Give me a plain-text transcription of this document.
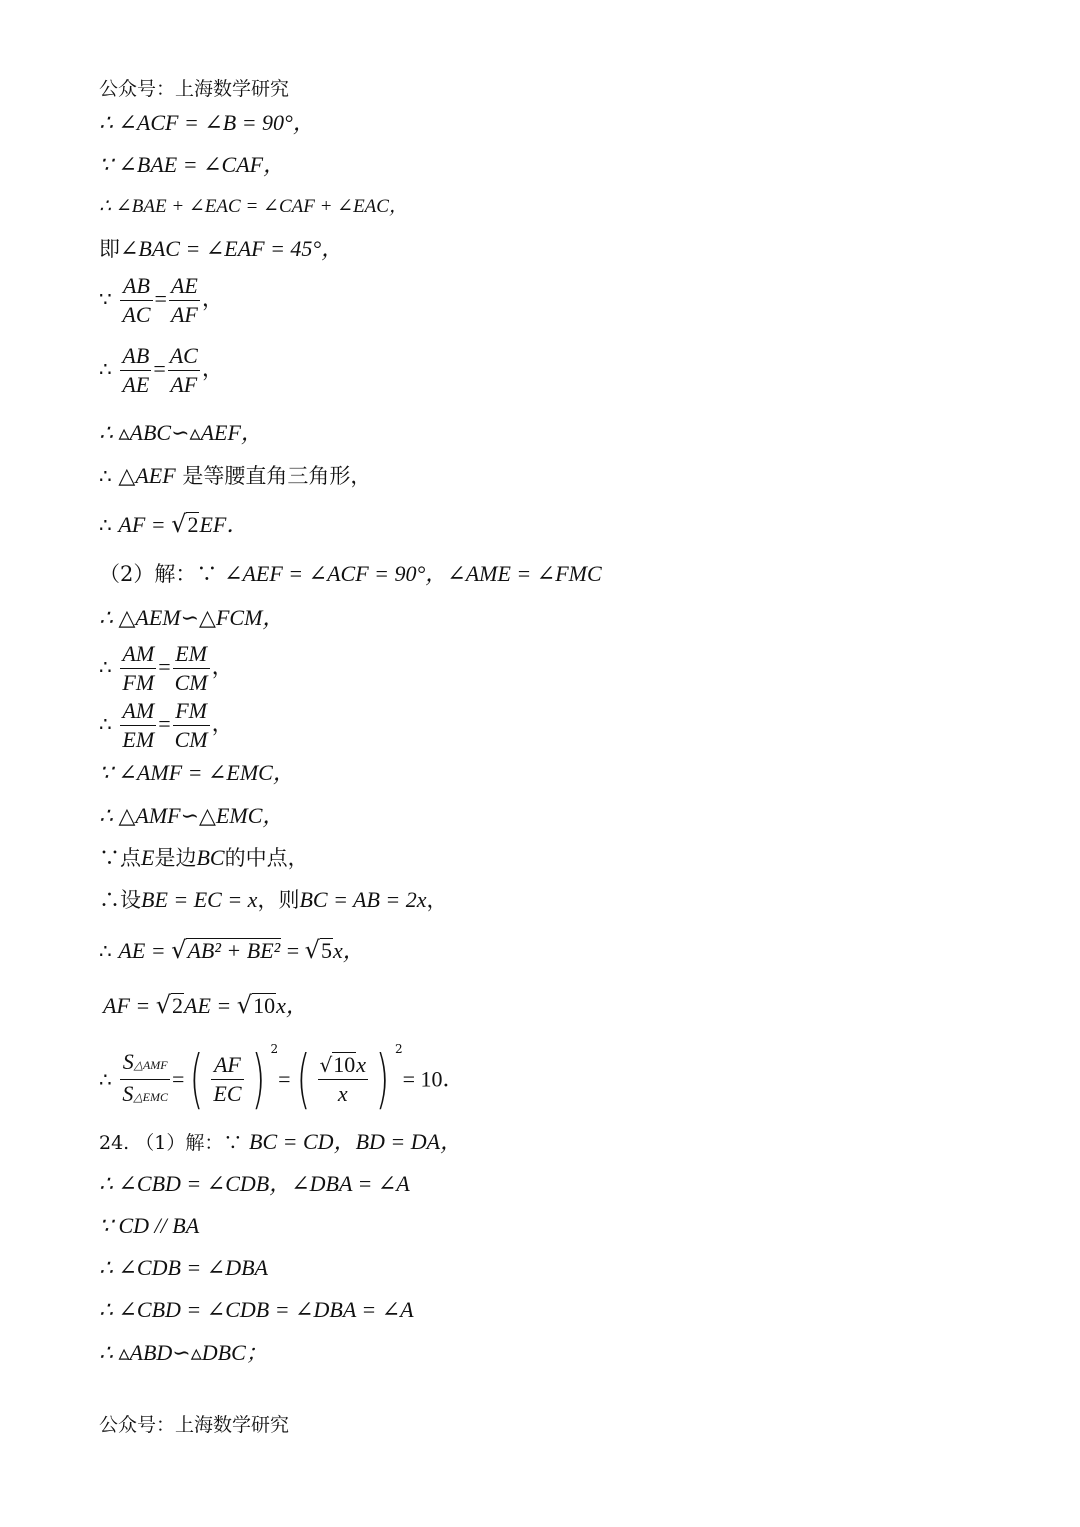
公众号：上海数学研究
∴ ∠ACF = ∠B = 90°，
∵ ∠BAE = ∠CAF，
∴ ∠BAE + ∠EAC = ∠CAF + ∠EAC，
即∠BAC = ∠EAF = 45°，
∵ $\frac{AB}{AC} = \frac{AE}{AF}$ ，
∴ $\frac{AB}{AE} = \frac{AC}{AF}$ ，
∴ ▵ABC∽▵AEF，
∴ △AEF 是等腰直角三角形，
∴ AF = √2EF．
（2）解：∵ ∠AEF = ∠ACF = 90°，∠AME = ∠FMC
∴ △AEM∽△FCM，
∴ $\frac{AM}{FM} = \frac{EM}{CM}$ ，
∴ $\frac{AM}{EM} = \frac{FM}{CM}$ ，
∵ ∠AMF = ∠EMC，
∴ △AMF∽△EMC，
∵点E是边BC的中点，
∴设BE = EC = x，则BC = AB = 2x，
∴ AE = √AB² + BE² = √5x，
AF = √2AE = √10x，
∴ $\frac{\text{S△AMF}}{\text{S△EMC}}$ =( $\frac{AF}{EC}$ ) $^2=( \frac{√10x}{x}$ ) $^2$= 10．
24. （1）解：∵ BC = CD，BD = DA，
∴ ∠CBD = ∠CDB，∠DBA = ∠A
∵ CD // BA
∴ ∠CDB = ∠DBA
∴ ∠CBD = ∠CDB = ∠DBA = ∠A
∴ ▵ABD∽▵DBC；
公众号：上海数学研究
